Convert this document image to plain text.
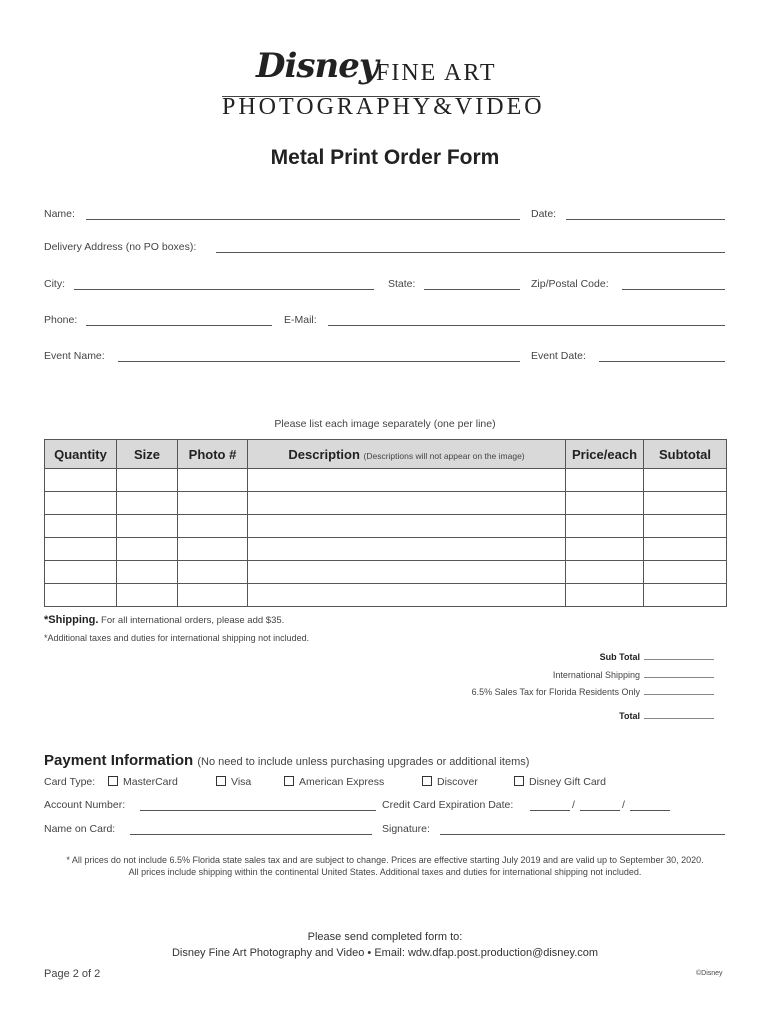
Disney
FINE ART
PHOTOGRAPHY&VIDEO
Metal Print Order Form
Name:	Date:
Delivery Address (no PO boxes):
City:	State:	Zip/Postal Code:
Phone:	E-Mail:
Event Name:	Event Date:
Please list each image separately (one per line)
Quantity	Size	Photo #	Description (Descriptions will not appear on the image)	Price/each	Subtotal

*Shipping. For all international orders, please add $35.
*Additional taxes and duties for international shipping not included.
Sub Total
International Shipping
6.5% Sales Tax for Florida Residents Only
Total
Payment Information (No need to include unless purchasing upgrades or additional items)
Card Type:	MasterCard	Visa	American Express	Discover	Disney Gift Card
Account Number:	Credit Card Expiration Date:	/	/
Name on Card:	Signature:
* All prices do not include 6.5% Florida state sales tax and are subject to change. Prices are effective starting July 2019 and are valid up to September 30, 2020.
All prices include shipping within the continental United States. Additional taxes and duties for international shipping not included.
Please send completed form to:
Disney Fine Art Photography and Video • Email: wdw.dfap.post.production@disney.com
Page 2 of 2	©Disney
